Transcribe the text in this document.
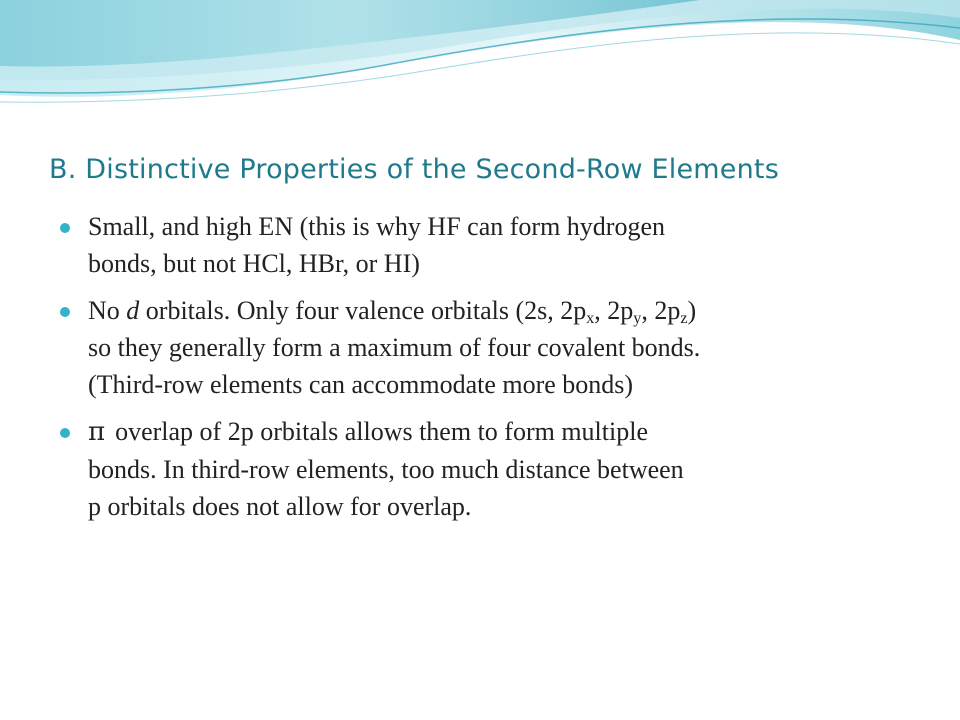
B. Distinctive Properties of the Second-Row Elements
Small, and high EN (this is why HF can form hydrogen
bonds, but not HCl, HBr, or HI)
No d orbitals. Only four valence orbitals (2s, $2p_x$, $2p_y$, $2p_z$)
so they generally form a maximum of four covalent bonds.
(Third-row elements can accommodate more bonds)
π overlap of 2p orbitals allows them to form multiple
bonds. In third-row elements, too much distance between
p orbitals does not allow for overlap.
